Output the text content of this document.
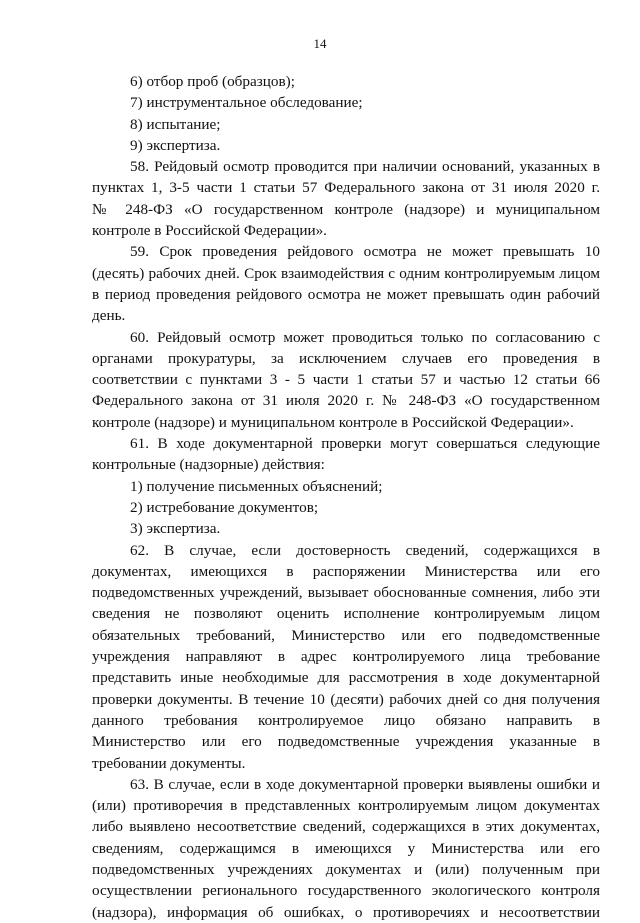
14
6) отбор проб (образцов);
7) инструментальное обследование;
8) испытание;
9) экспертиза.
58. Рейдовый осмотр проводится при наличии оснований, указанных в
пунктах 1, 3-5 части 1 статьи 57 Федерального закона от 31 июля 2020 г.
№ 248-ФЗ «О государственном контроле (надзоре) и муниципальном
контроле в Российской Федерации».
59. Срок проведения рейдового осмотра не может превышать 10
(десять) рабочих дней. Срок взаимодействия с одним контролируемым лицом
в период проведения рейдового осмотра не может превышать один рабочий
день.
60. Рейдовый осмотр может проводиться только по согласованию с
органами прокуратуры, за исключением случаев его проведения в
соответствии с пунктами 3 - 5 части 1 статьи 57 и частью 12 статьи 66
Федерального закона от 31 июля 2020 г. № 248-ФЗ «О государственном
контроле (надзоре) и муниципальном контроле в Российской Федерации».
61. В ходе документарной проверки могут совершаться следующие
контрольные (надзорные) действия:
1) получение письменных объяснений;
2) истребование документов;
3) экспертиза.
62. В случае, если достоверность сведений, содержащихся в
документах, имеющихся в распоряжении Министерства или его
подведомственных учреждений, вызывает обоснованные сомнения, либо эти
сведения не позволяют оценить исполнение контролируемым лицом
обязательных требований, Министерство или его подведомственные
учреждения направляют в адрес контролируемого лица требование
представить иные необходимые для рассмотрения в ходе документарной
проверки документы. В течение 10 (десяти) рабочих дней со дня получения
данного требования контролируемое лицо обязано направить в
Министерство или его подведомственные учреждения указанные в
требовании документы.
63. В случае, если в ходе документарной проверки выявлены ошибки и
(или) противоречия в представленных контролируемым лицом документах
либо выявлено несоответствие сведений, содержащихся в этих документах,
сведениям, содержащимся в имеющихся у Министерства или его
подведомственных учреждениях документах и (или) полученным при
осуществлении регионального государственного экологического контроля
(надзора), информация об ошибках, о противоречиях и несоответствии
